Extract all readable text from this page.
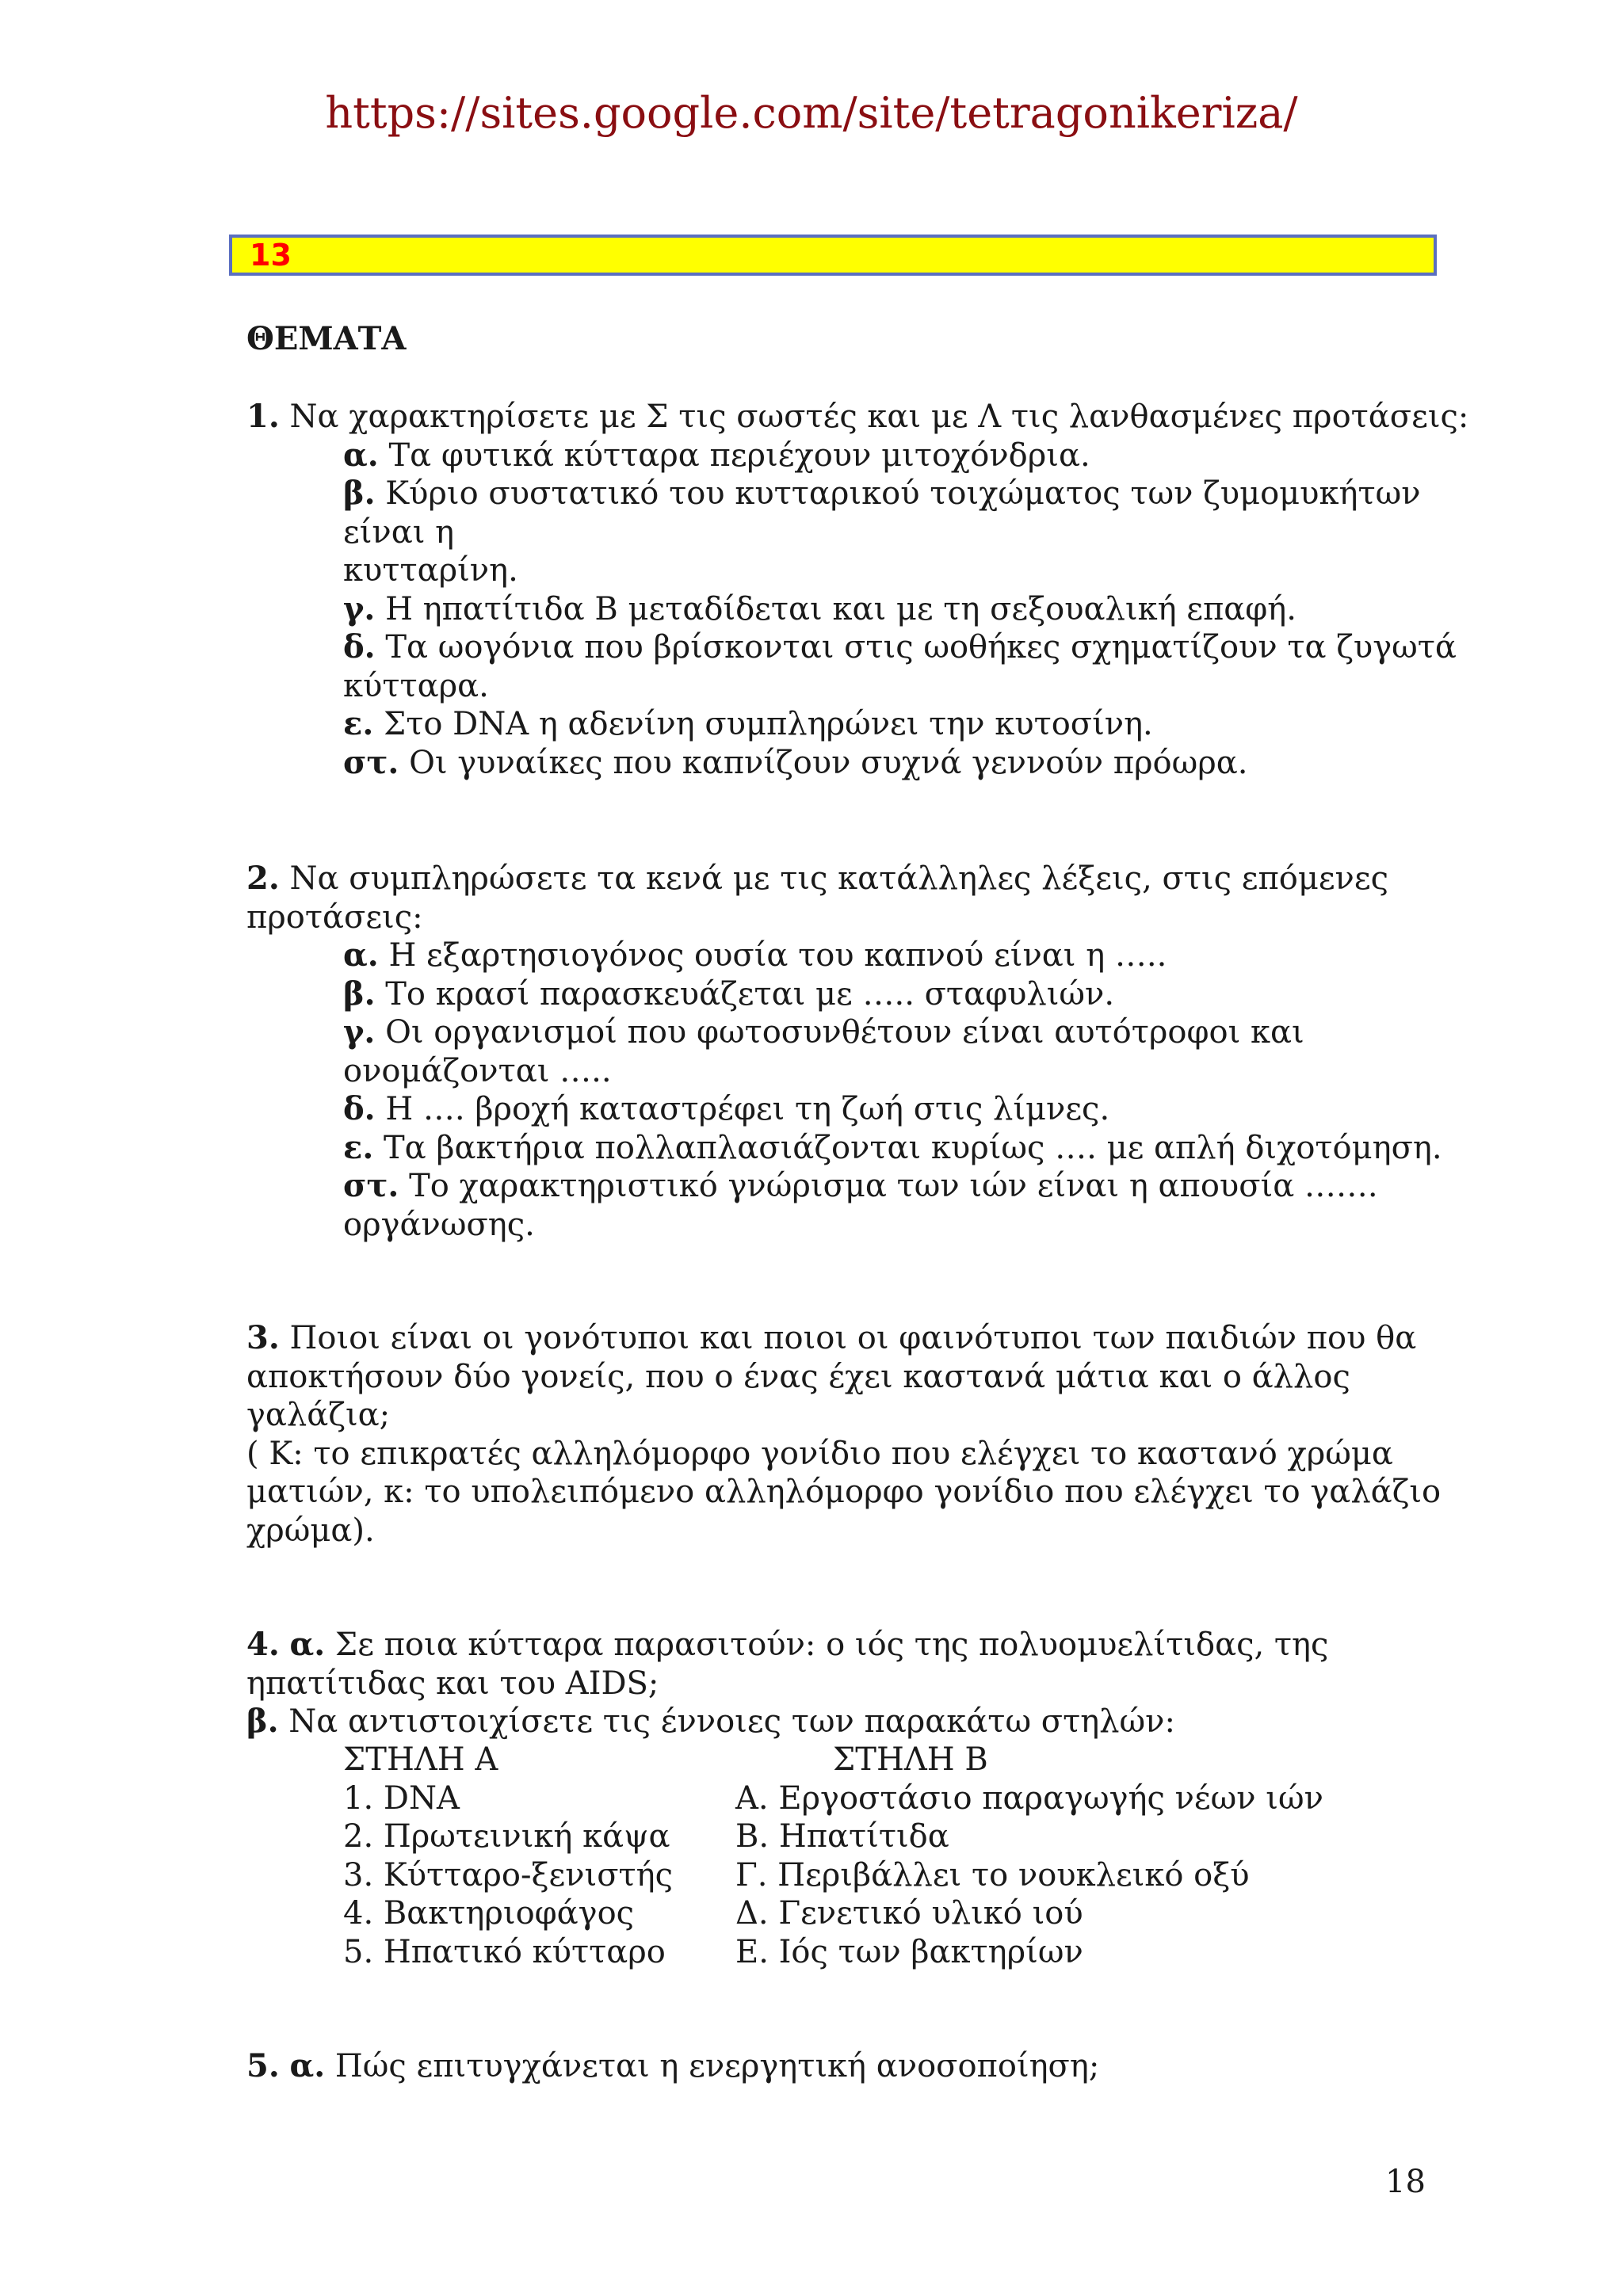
https://sites.google.com/site/tetragonikeriza/
13
ΘΕΜΑΤΑ
1. Να χαρακτηρίσετε με Σ τις σωστές και με Λ τις λανθασμένες προτάσεις:
α. Τα φυτικά κύτταρα περιέχουν μιτοχόνδρια.
β. Κύριο συστατικό του κυτταρικού τοιχώματος των ζυμομυκήτων
είναι η
κυτταρίνη.
γ. Η ηπατίτιδα Β μεταδίδεται και με τη σεξουαλική επαφή.
δ. Τα ωογόνια που βρίσκονται στις ωοθήκες σχηματίζουν τα ζυγωτά
κύτταρα.
ε. Στο DNA η αδενίνη συμπληρώνει την κυτοσίνη.
στ. Οι γυναίκες που καπνίζουν συχνά γεννούν πρόωρα.
2. Να συμπληρώσετε τα κενά με τις κατάλληλες λέξεις, στις επόμενες
προτάσεις:
α. Η εξαρτησιογόνος ουσία του καπνού είναι η …..
β. Το κρασί παρασκευάζεται με ….. σταφυλιών.
γ. Οι οργανισμοί που φωτοσυνθέτουν είναι αυτότροφοι και
ονομάζονται …..
δ. Η …. βροχή καταστρέφει τη ζωή στις λίμνες.
ε. Τα βακτήρια πολλαπλασιάζονται κυρίως …. με απλή διχοτόμηση.
στ. Το χαρακτηριστικό γνώρισμα των ιών είναι η απουσία …….
οργάνωσης.
3. Ποιοι είναι οι γονότυποι και ποιοι οι φαινότυποι των παιδιών που θα
αποκτήσουν δύο γονείς, που ο ένας έχει καστανά μάτια και ο άλλος
γαλάζια;
( Κ: το επικρατές αλληλόμορφο γονίδιο που ελέγχει το καστανό χρώμα
ματιών, κ: το υπολειπόμενο αλληλόμορφο γονίδιο που ελέγχει το γαλάζιο
χρώμα).
4. α. Σε ποια κύτταρα παρασιτούν: ο ιός της πολυομυελίτιδας, της
ηπατίτιδας και του AIDS;
β. Να αντιστοιχίσετε τις έννοιες των παρακάτω στηλών:
ΣΤΗΛΗ Α	ΣΤΗΛΗ Β
1. DNA	Α. Εργοστάσιο παραγωγής νέων ιών
2. Πρωτεινική κάψα Β. Ηπατίτιδα
3. Κύτταρο-ξενιστής Γ. Περιβάλλει το νουκλεικό οξύ
4. Βακτηριοφάγος	Δ. Γενετικό υλικό ιού
5. Ηπατικό κύτταρο Ε. Ιός των βακτηρίων
5. α. Πώς επιτυγχάνεται η ενεργητική ανοσοποίηση;
18
